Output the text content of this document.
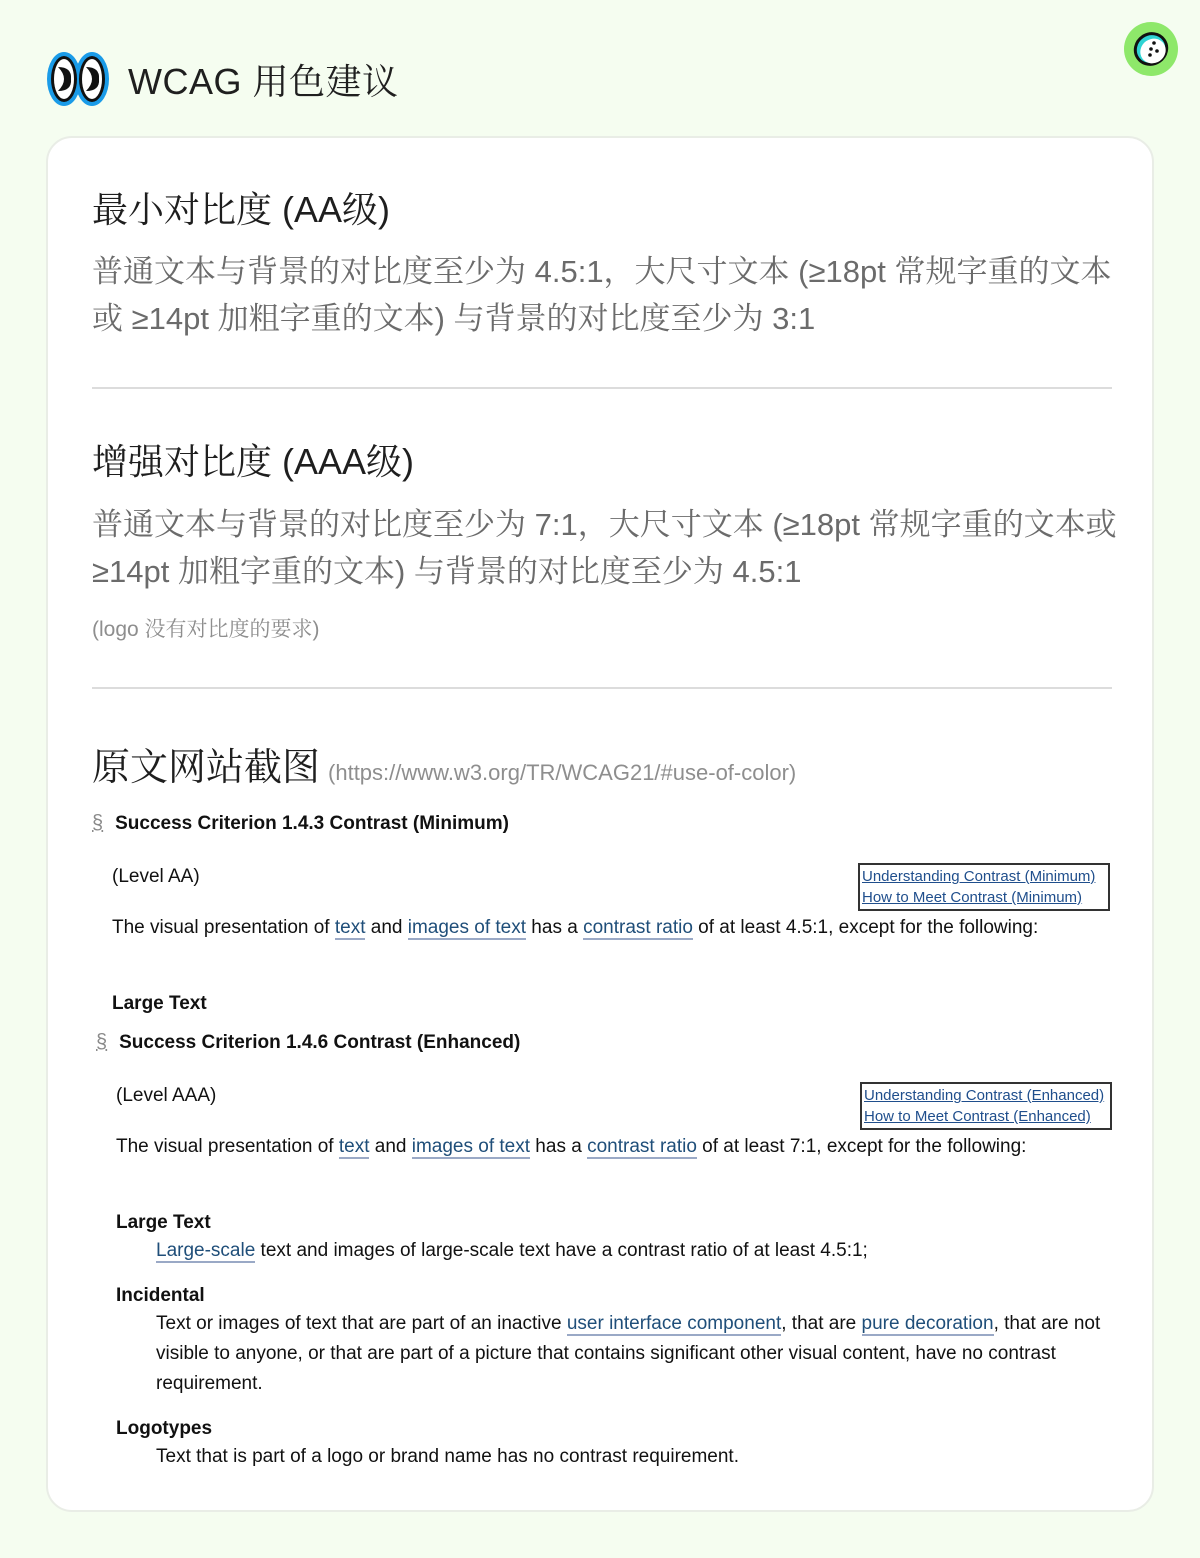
WCAG 用色建议
最小对比度 (AA级)
普通文本与背景的对比度至少为 4.5:1，大尺寸文本 (≥18pt 常规字重的文本或 ≥14pt 加粗字重的文本) 与背景的对比度至少为 3:1
增强对比度 (AAA级)
普通文本与背景的对比度至少为 7:1，大尺寸文本 (≥18pt 常规字重的文本或 ≥14pt 加粗字重的文本) 与背景的对比度至少为 4.5:1
(logo 没有对比度的要求)
原文网站截图 (https://www.w3.org/TR/WCAG21/#use-of-color)
§ Success Criterion 1.4.3 Contrast (Minimum)
(Level AA)	Understanding Contrast (Minimum)
How to Meet Contrast (Minimum)
The visual presentation of text and images of text has a contrast ratio of at least 4.5:1, except for the following:
Large Text
§ Success Criterion 1.4.6 Contrast (Enhanced)
(Level AAA)	Understanding Contrast (Enhanced)
How to Meet Contrast (Enhanced)
The visual presentation of text and images of text has a contrast ratio of at least 7:1, except for the following:
Large Text
Large-scale text and images of large-scale text have a contrast ratio of at least 4.5:1;
Incidental
Text or images of text that are part of an inactive user interface component, that are pure decoration, that are not visible to anyone, or that are part of a picture that contains significant other visual content, have no contrast requirement.
Logotypes
Text that is part of a logo or brand name has no contrast requirement.
